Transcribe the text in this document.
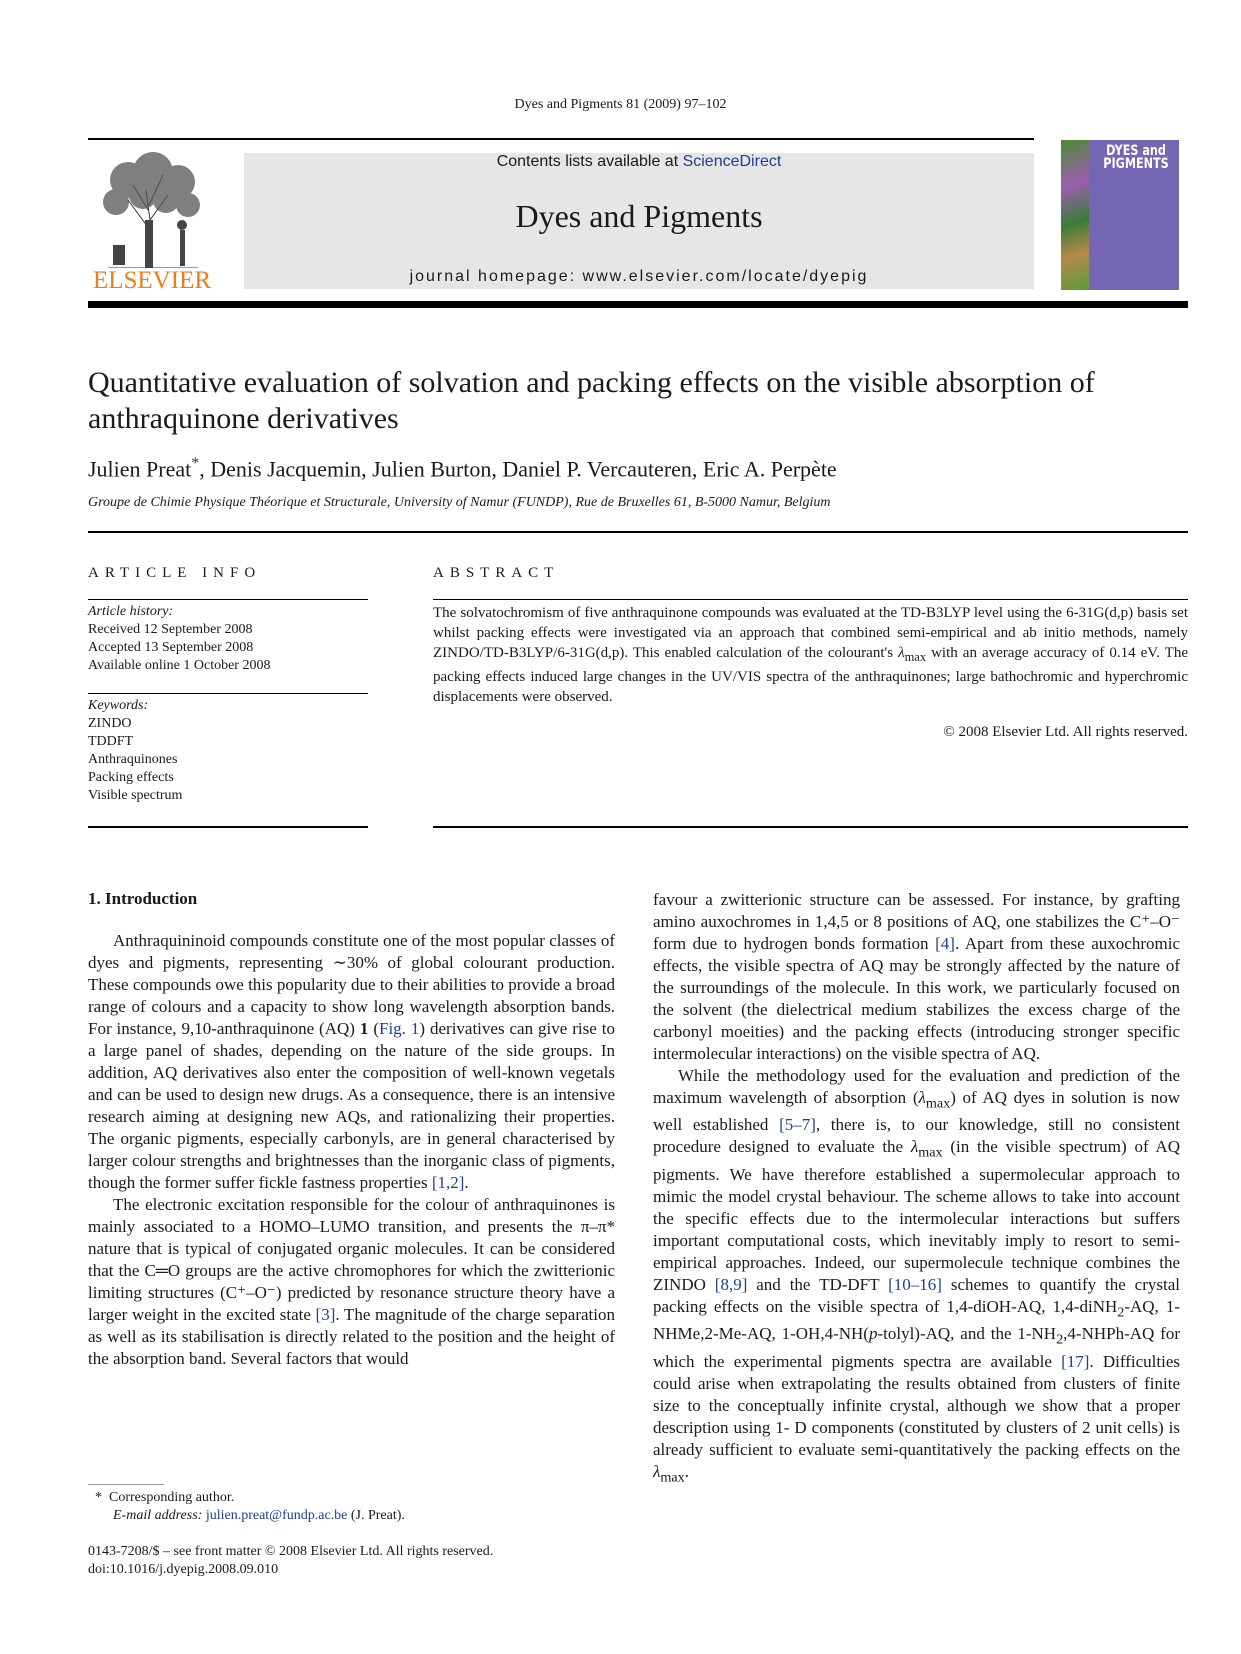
Dyes and Pigments 81 (2009) 97–102
ELSEVIER
Contents lists available at ScienceDirect
Dyes and Pigments
journal homepage: www.elsevier.com/locate/dyepig
DYES and PIGMENTS
Quantitative evaluation of solvation and packing effects on the visible absorption of anthraquinone derivatives
Julien Preat*, Denis Jacquemin, Julien Burton, Daniel P. Vercauteren, Eric A. Perpète
Groupe de Chimie Physique Théorique et Structurale, University of Namur (FUNDP), Rue de Bruxelles 61, B-5000 Namur, Belgium
ARTICLE INFO
Article history:
Received 12 September 2008
Accepted 13 September 2008
Available online 1 October 2008
Keywords:
ZINDO
TDDFT
Anthraquinones
Packing effects
Visible spectrum
ABSTRACT
The solvatochromism of five anthraquinone compounds was evaluated at the TD-B3LYP level using the 6-31G(d,p) basis set whilst packing effects were investigated via an approach that combined semi-empirical and ab initio methods, namely ZINDO/TD-B3LYP/6-31G(d,p). This enabled calculation of the colourant's $\lambda_{max}$ with an average accuracy of 0.14 eV. The packing effects induced large changes in the UV/VIS spectra of the anthraquinones; large bathochromic and hyperchromic displacements were observed.
© 2008 Elsevier Ltd. All rights reserved.
1. Introduction

Anthraquininoid compounds constitute one of the most popular classes of dyes and pigments, representing ∼30% of global colourant production. These compounds owe this popularity due to their abilities to provide a broad range of colours and a capacity to show long wavelength absorption bands. For instance, 9,10-anthraquinone (AQ) 1 (Fig. 1) derivatives can give rise to a large panel of shades, depending on the nature of the side groups. In addition, AQ derivatives also enter the composition of well-known vegetals and can be used to design new drugs. As a consequence, there is an intensive research aiming at designing new AQs, and rationalizing their properties. The organic pigments, especially carbonyls, are in general characterised by larger colour strengths and brightnesses than the inorganic class of pigments, though the former suffer fickle fastness properties [1,2].

The electronic excitation responsible for the colour of anthraquinones is mainly associated to a HOMO–LUMO transition, and presents the π–π* nature that is typical of conjugated organic molecules. It can be considered that the C═O groups are the active chromophores for which the zwitterionic limiting structures (C⁺–O⁻) predicted by resonance structure theory have a larger weight in the excited state [3]. The magnitude of the charge separation as well as its stabilisation is directly related to the position and the height of the absorption band. Several factors that would

favour a zwitterionic structure can be assessed. For instance, by grafting amino auxochromes in 1,4,5 or 8 positions of AQ, one stabilizes the C⁺–O⁻ form due to hydrogen bonds formation [4]. Apart from these auxochromic effects, the visible spectra of AQ may be strongly affected by the nature of the surroundings of the molecule. In this work, we particularly focused on the solvent (the dielectrical medium stabilizes the excess charge of the carbonyl moeities) and the packing effects (introducing stronger specific intermolecular interactions) on the visible spectra of AQ.

While the methodology used for the evaluation and prediction of the maximum wavelength of absorption $(\lambda_{max})$ of AQ dyes in solution is now well established [5–7], there is, to our knowledge, still no consistent procedure designed to evaluate the $\lambda_{max}$ (in the visible spectrum) of AQ pigments. We have therefore established a supermolecular approach to mimic the model crystal behaviour. The scheme allows to take into account the specific effects due to the intermolecular interactions but suffers important computational costs, which inevitably imply to resort to semi-empirical approaches. Indeed, our supermolecule technique combines the ZINDO [8,9] and the TD-DFT [10–16] schemes to quantify the crystal packing effects on the visible spectra of 1,4-diOH-AQ, 1,4-diNH$_2$-AQ, 1-NHMe,2-Me-AQ, 1-OH,4-NH(p-tolyl)-AQ, and the $1-NH_2,4-NHPh-AQ$ for which the experimental pigments spectra are available [17]. Difficulties could arise when extrapolating the results obtained from clusters of finite size to the conceptually infinite crystal, although we show that a proper description using 1- D components (constituted by clusters of 2 unit cells) is already sufficient to evaluate semi-quantitatively the packing effects on the $\lambda_{max}$.

* Corresponding author.
E-mail address: julien.preat@fundp.ac.be (J. Preat).
0143-7208/$ – see front matter © 2008 Elsevier Ltd. All rights reserved.
doi:10.1016/j.dyepig.2008.09.010
